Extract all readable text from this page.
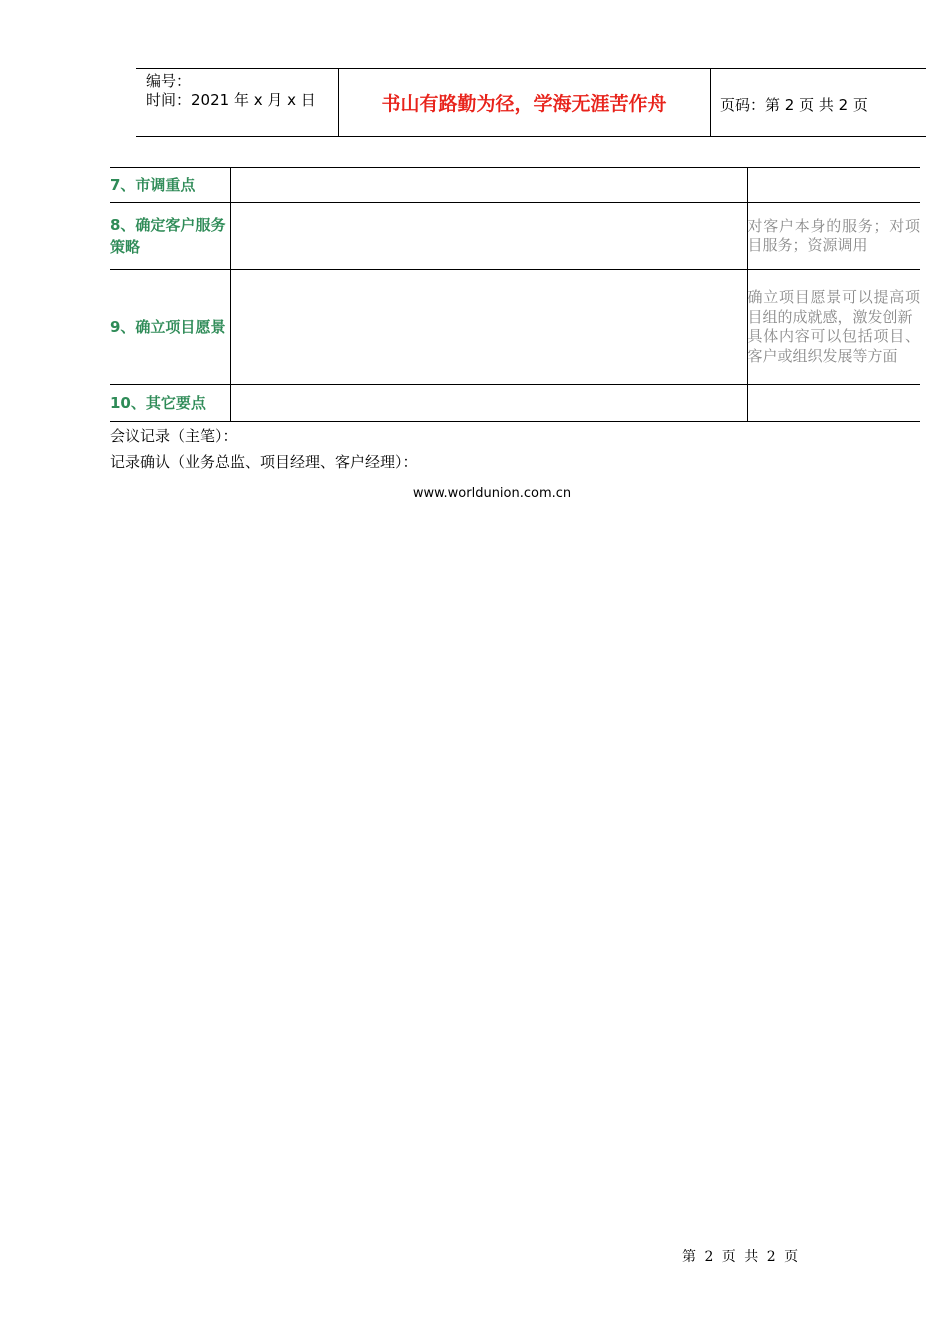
编号：
时间：2021 年 x 月 x 日	书山有路勤为径，学海无涯苦作舟	页码：第 2 页 共 2 页
7、市调重点		
8、确定客户服务策略		对客户本身的服务；对项目服务；资源调用
9、确立项目愿景		确立项目愿景可以提高项目组的成就感，激发创新
具体内容可以包括项目、客户或组织发展等方面

10、其它要点		
会议记录（主笔）：
记录确认（业务总监、项目经理、客户经理）：
www.worldunion.com.cn
第 2 页 共 2 页
